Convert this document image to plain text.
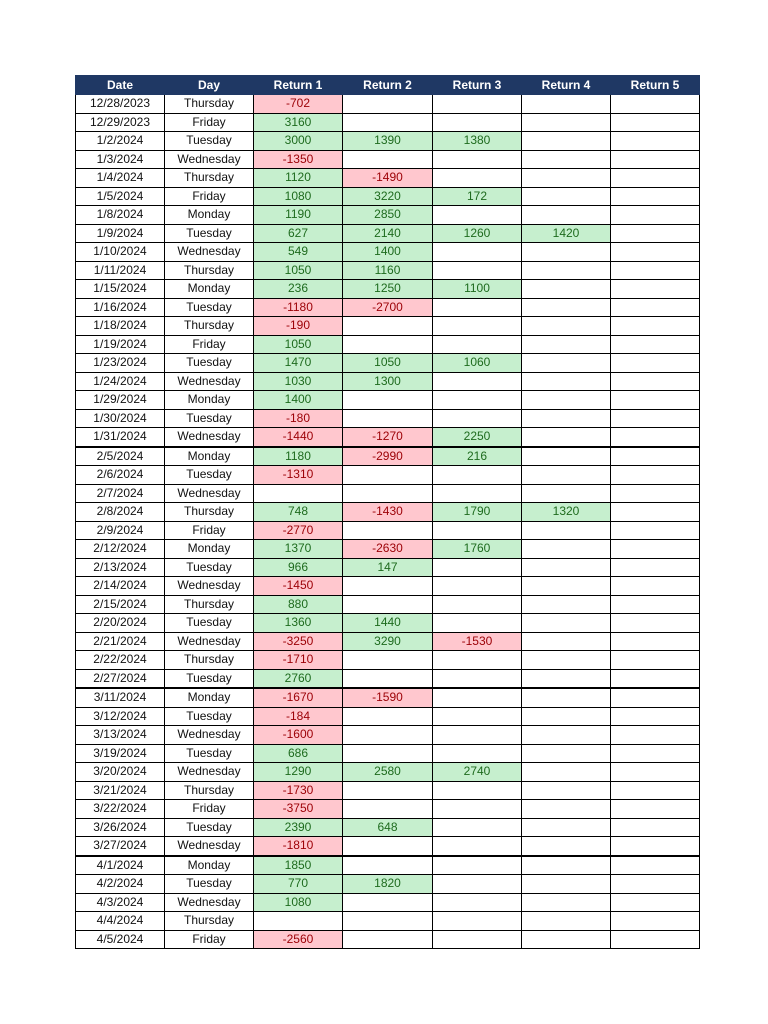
Date	Day	Return 1	Return 2	Return 3	Return 4	Return 5
12/28/2023	Thursday	-702				
12/29/2023	Friday	3160				
1/2/2024	Tuesday	3000	1390	1380		
1/3/2024	Wednesday	-1350				
1/4/2024	Thursday	1120	-1490			
1/5/2024	Friday	1080	3220	172		
1/8/2024	Monday	1190	2850			
1/9/2024	Tuesday	627	2140	1260	1420	
1/10/2024	Wednesday	549	1400			
1/11/2024	Thursday	1050	1160			
1/15/2024	Monday	236	1250	1100		
1/16/2024	Tuesday	-1180	-2700			
1/18/2024	Thursday	-190				
1/19/2024	Friday	1050				
1/23/2024	Tuesday	1470	1050	1060		
1/24/2024	Wednesday	1030	1300			
1/29/2024	Monday	1400				
1/30/2024	Tuesday	-180				
1/31/2024	Wednesday	-1440	-1270	2250		
2/5/2024	Monday	1180	-2990	216		
2/6/2024	Tuesday	-1310				
2/7/2024	Wednesday					
2/8/2024	Thursday	748	-1430	1790	1320	
2/9/2024	Friday	-2770				
2/12/2024	Monday	1370	-2630	1760		
2/13/2024	Tuesday	966	147			
2/14/2024	Wednesday	-1450				
2/15/2024	Thursday	880				
2/20/2024	Tuesday	1360	1440			
2/21/2024	Wednesday	-3250	3290	-1530		
2/22/2024	Thursday	-1710				
2/27/2024	Tuesday	2760				
3/11/2024	Monday	-1670	-1590			
3/12/2024	Tuesday	-184				
3/13/2024	Wednesday	-1600				
3/19/2024	Tuesday	686				
3/20/2024	Wednesday	1290	2580	2740		
3/21/2024	Thursday	-1730				
3/22/2024	Friday	-3750				
3/26/2024	Tuesday	2390	648			
3/27/2024	Wednesday	-1810				
4/1/2024	Monday	1850				
4/2/2024	Tuesday	770	1820			
4/3/2024	Wednesday	1080				
4/4/2024	Thursday					
4/5/2024	Friday	-2560				
